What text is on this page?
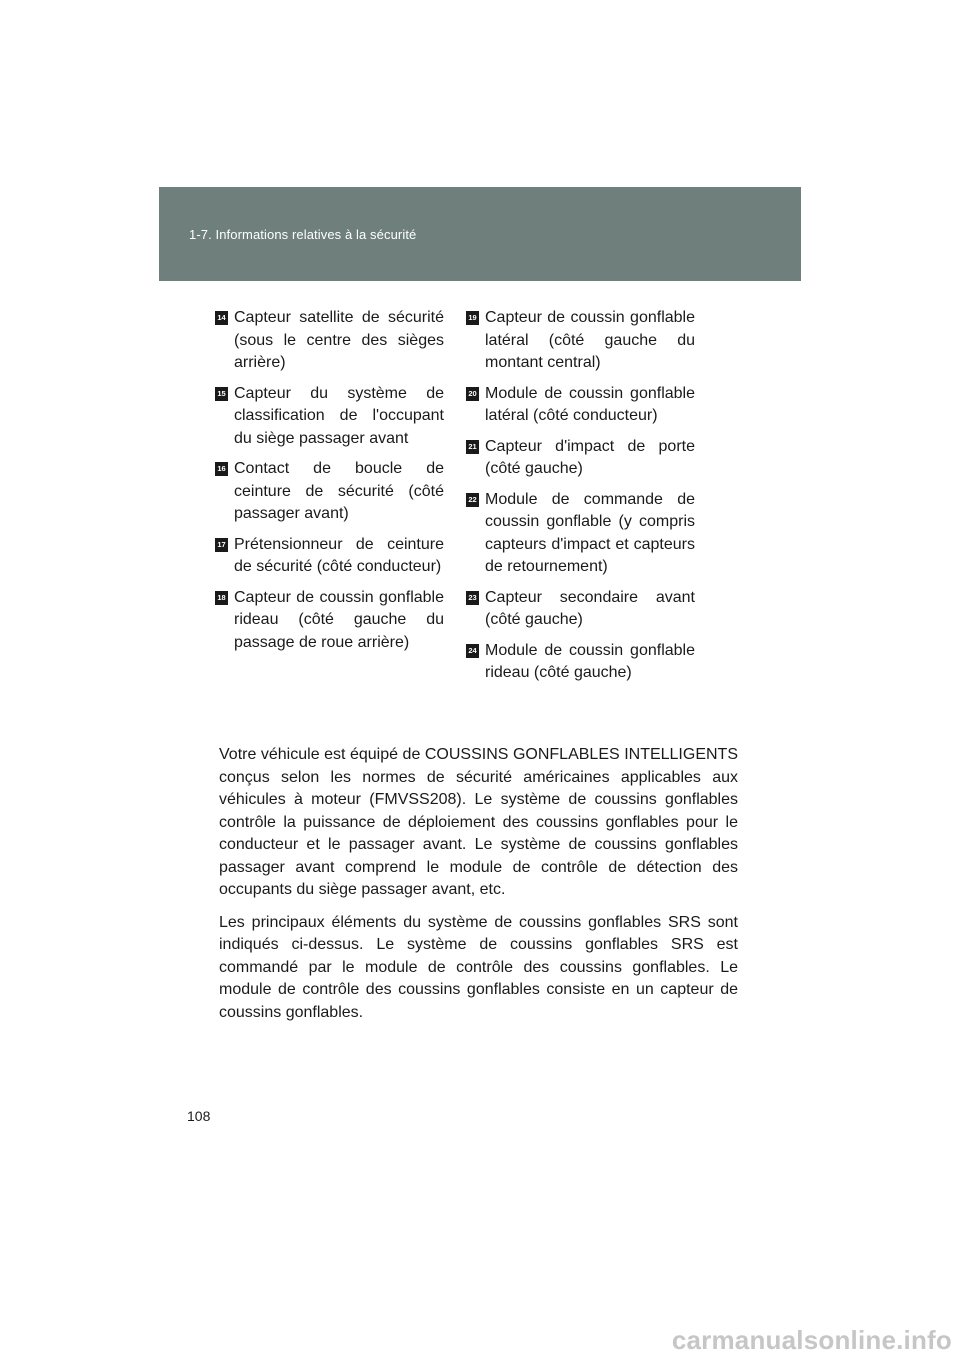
1-7. Informations relatives à la sécurité
14 Capteur satellite de sécurité (sous le centre des sièges arrière)
15 Capteur du système de classification de l'occupant du siège passager avant
16 Contact de boucle de ceinture de sécurité (côté passager avant)
17 Prétensionneur de ceinture de sécurité (côté conducteur)
18 Capteur de coussin gonflable rideau (côté gauche du passage de roue arrière)
19 Capteur de coussin gonflable latéral (côté gauche du montant central)
20 Module de coussin gonflable latéral (côté conducteur)
21 Capteur d'impact de porte (côté gauche)
22 Module de commande de coussin gonflable (y compris capteurs d'impact et capteurs de retournement)
23 Capteur secondaire avant (côté gauche)
24 Module de coussin gonflable rideau (côté gauche)

Votre véhicule est équipé de COUSSINS GONFLABLES INTELLIGENTS conçus selon les normes de sécurité américaines applicables aux véhicules à moteur (FMVSS208). Le système de coussins gonflables contrôle la puissance de déploiement des coussins gonflables pour le conducteur et le passager avant. Le système de coussins gonflables passager avant comprend le module de contrôle de détection des occupants du siège passager avant, etc.

Les principaux éléments du système de coussins gonflables SRS sont indiqués ci-dessus. Le système de coussins gonflables SRS est commandé par le module de contrôle des coussins gonflables. Le module de contrôle des coussins gonflables consiste en un capteur de coussins gonflables.

108
carmanualsonline.info
